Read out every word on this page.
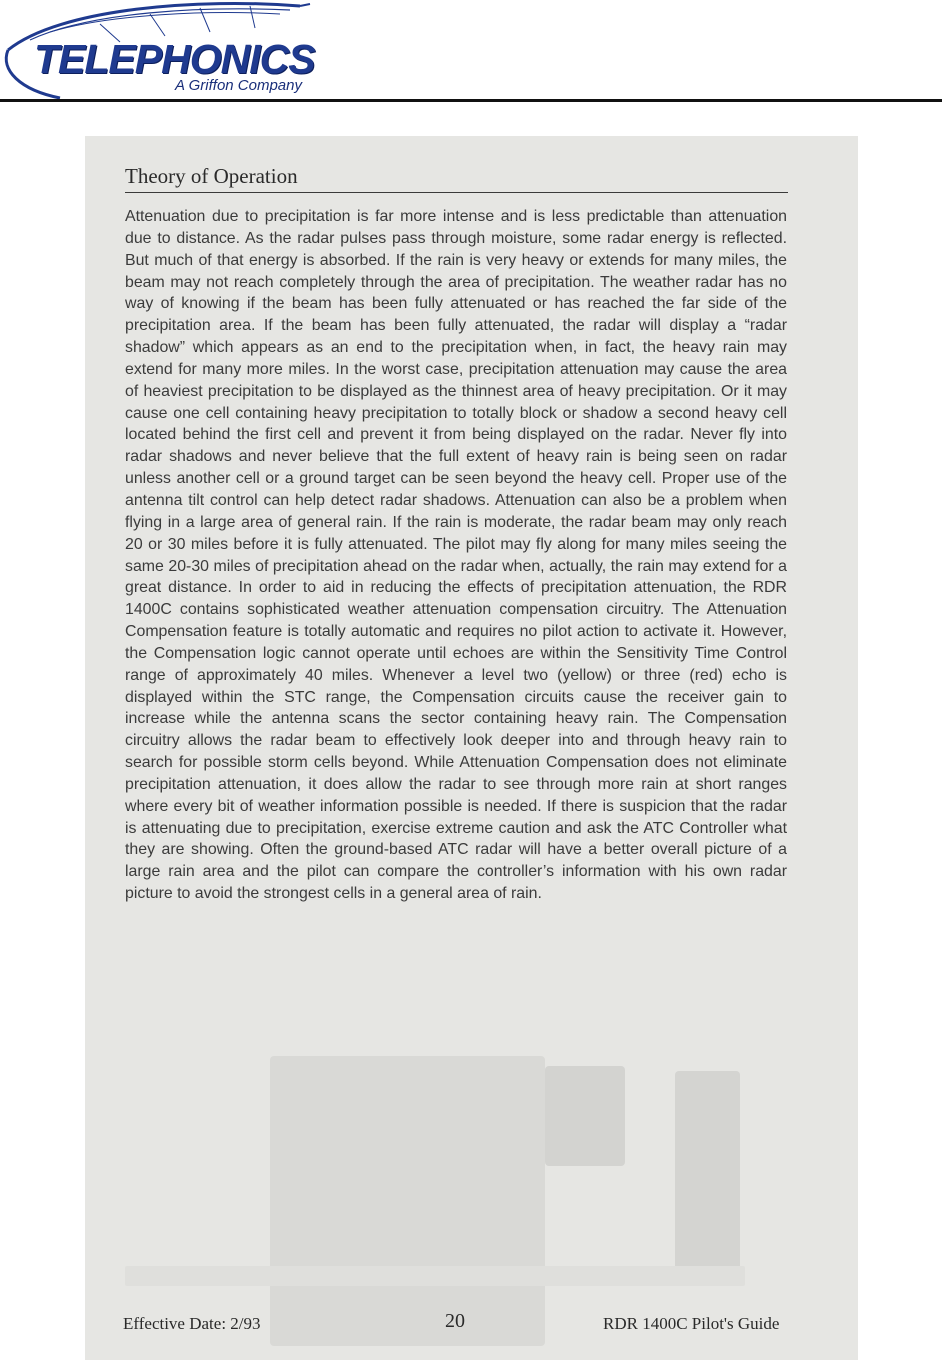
TELEPHONICS
A Griffon Company
Theory of Operation

Attenuation due to precipitation is far more intense and is less predictable than attenuation due to distance. As the radar pulses pass through moisture, some radar energy is reflected. But much of that energy is absorbed. If the rain is very heavy or extends for many miles, the beam may not reach completely through the area of precipitation. The weather radar has no way of knowing if the beam has been fully attenuated or has reached the far side of the precipitation area. If the beam has been fully attenuated, the radar will display a “radar shadow” which appears as an end to the precipitation when, in fact, the heavy rain may extend for many more miles. In the worst case, precipitation attenuation may cause the area of heaviest precipitation to be displayed as the thinnest area of heavy precipitation. Or it may cause one cell containing heavy precipitation to totally block or shadow a second heavy cell located behind the first cell and prevent it from being displayed on the radar. Never fly into radar shadows and never believe that the full extent of heavy rain is being seen on radar unless another cell or a ground target can be seen beyond the heavy cell. Proper use of the antenna tilt control can help detect radar shadows. Attenuation can also be a problem when flying in a large area of general rain. If the rain is moderate, the radar beam may only reach 20 or 30 miles before it is fully attenuated. The pilot may fly along for many miles seeing the same 20-30 miles of precipitation ahead on the radar when, actually, the rain may extend for a great distance. In order to aid in reducing the effects of precipitation attenuation, the RDR 1400C contains sophisticated weather attenuation compensation circuitry. The Attenuation Compensation feature is totally automatic and requires no pilot action to activate it. However, the Compensation logic cannot operate until echoes are within the Sensitivity Time Control range of approximately 40 miles. Whenever a level two (yellow) or three (red) echo is displayed within the STC range, the Compensation circuits cause the receiver gain to increase while the antenna scans the sector containing heavy rain. The Compensation circuitry allows the radar beam to effectively look deeper into and through heavy rain to search for possible storm cells beyond. While Attenuation Compensation does not eliminate precipitation attenuation, it does allow the radar to see through more rain at short ranges where every bit of weather information possible is needed. If there is suspicion that the radar is attenuating due to precipitation, exercise extreme caution and ask the ATC Controller what they are showing. Often the ground-based ATC radar will have a better overall picture of a large rain area and the pilot can compare the controller’s information with his own radar picture to avoid the strongest cells in a general area of rain.

Effective Date: 2/93	20	RDR 1400C Pilot's Guide
